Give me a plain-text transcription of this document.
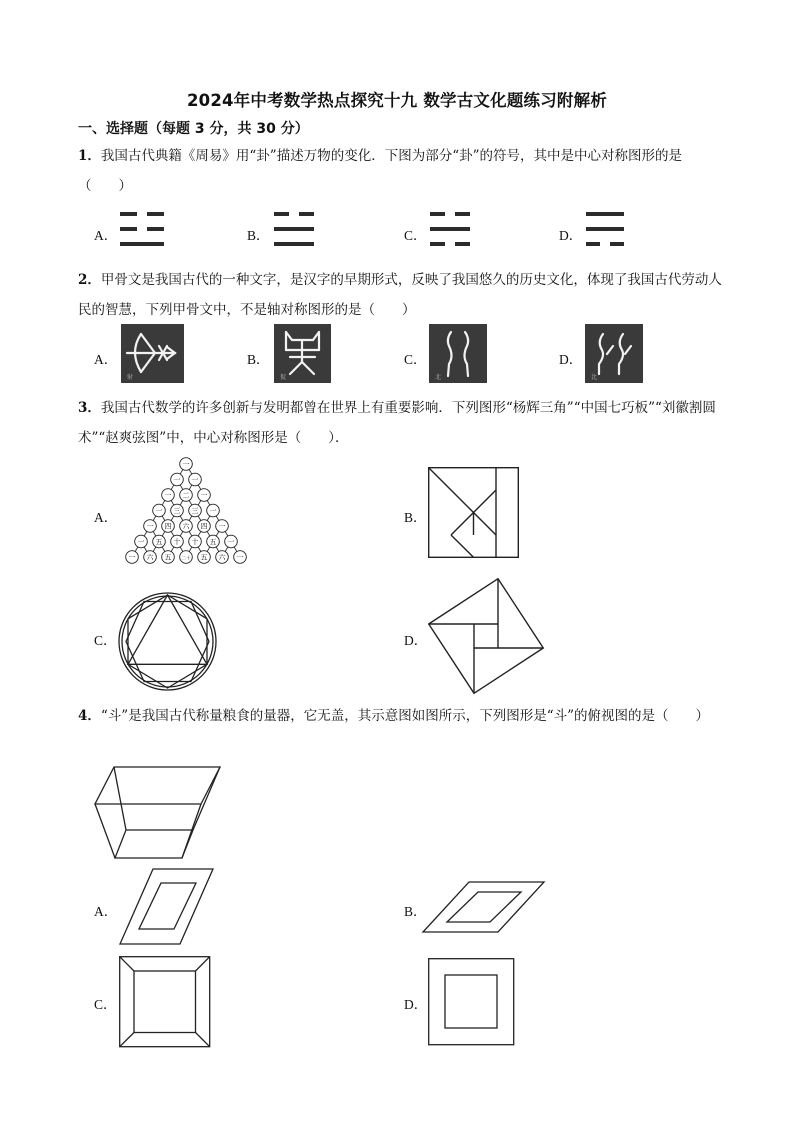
2024年中考数学热点探究十九 数学古文化题练习附解析
一、选择题（每题 3 分，共 30 分）
1．我国古代典籍《周易》用“卦”描述万物的变化．下图为部分“卦”的符号，其中是中心对称图形的是（　　）
A．	B．	C．	D．
2．甲骨文是我国古代的一种文字，是汉字的早期形式，反映了我国悠久的历史文化，体现了我国古代劳动人民的智慧，下列甲骨文中，不是轴对称图形的是（　　）
A．
射
B．
侃
C．
北
D．
比
3．我国古代数学的许多创新与发明都曾在世界上有重要影响．下列图形“杨辉三角”“中国七巧板”“刘徽割圆术”“赵爽弦图”中，中心对称图形是（　　）．
A．
一
一 一
一 二 一
一 三 三 一
一 四 六 四 一
一 五 十 十 五 一
一 六 五 二十 五 六 一
B．
C．	D．
4．“斗”是我国古代称量粮食的量器，它无盖，其示意图如图所示，下列图形是“斗”的俯视图的是（　　）
A．	B．
C．	D．
